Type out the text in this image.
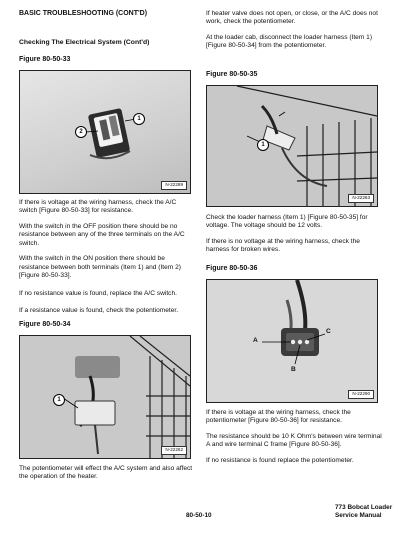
BASIC TROUBLESHOOTING (CONT'D)

Checking The Electrical System (Cont'd)

Figure 80-50-33

1
2
N-22289

If there is voltage at the wiring harness, check the A/C switch [Figure 80-50-33] for resistance.

With the switch in the OFF position there should be no resistance between any of the three terminals on the A/C switch.

With the switch in the ON position there should be resistance between both terminals (Item 1) and (Item 2) [Figure 80-50-33].

If no resistance value is found, replace the A/C switch.

If a resistance value is found, check the potentiometer.

Figure 80-50-34

1
N-22262

The potentiometer will effect the A/C system and also affect the operation of the heater.

If heater valve does not open, or close, or the A/C does not work, check the potentiometer.

At the loader cab, disconnect the loader harness (Item 1) [Figure 80-50-34] from the potentiometer.

Figure 80-50-35

1
N-22263

Check the loader harness (Item 1) [Figure 80-50-35] for voltage. The voltage should be 12 volts.

If there is no voltage at the wiring harness, check the harness for broken wires.

Figure 80-50-36

A
B
C
N-22290

If there is voltage at the wiring harness, check the potentiometer [Figure 80-50-36] for resistance.

The resistance should be 10 K Ohm's between wire terminal A and wire terminal C frame [Figure 80-50-36].

If no resistance is found replace the potentiometer.

80-50-10
773 Bobcat Loader
Service Manual
